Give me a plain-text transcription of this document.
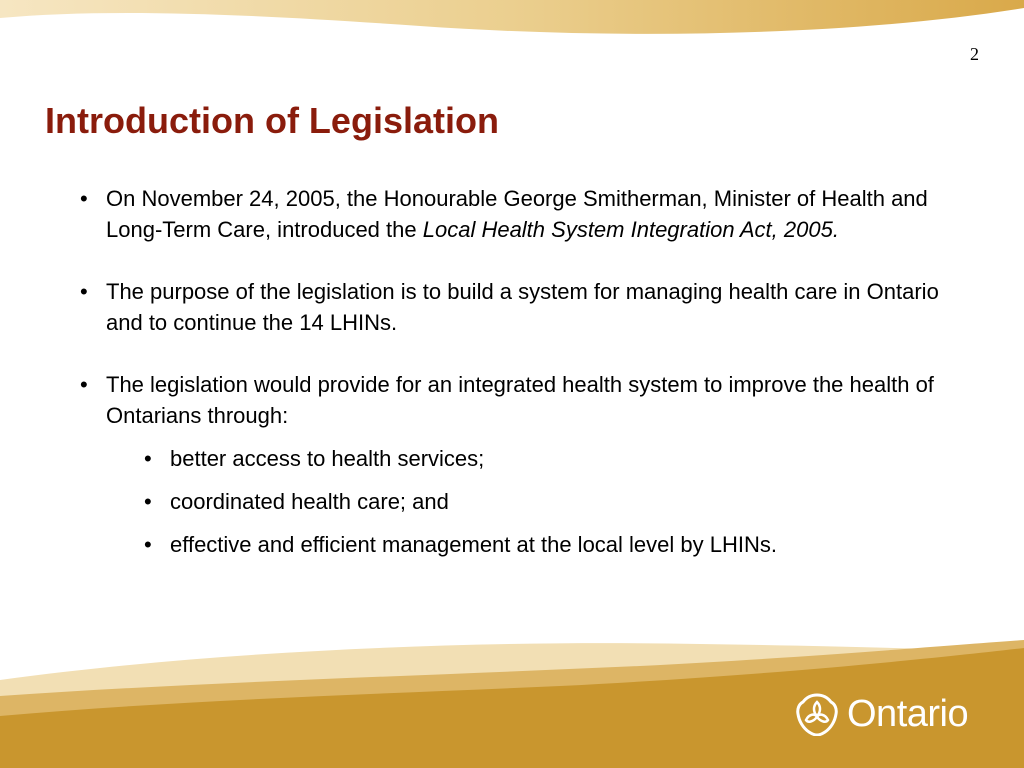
2
Introduction of Legislation
• On November 24, 2005, the Honourable George Smitherman, Minister of Health and Long-Term Care, introduced the Local Health System Integration Act, 2005.
• The purpose of the legislation is to build a system for managing health care in Ontario and to continue the 14 LHINs.
• The legislation would provide for an integrated health system to improve the health of Ontarians through:
• better access to health services;
• coordinated health care; and
• effective and efficient management at the local level by LHINs.
Ontario
